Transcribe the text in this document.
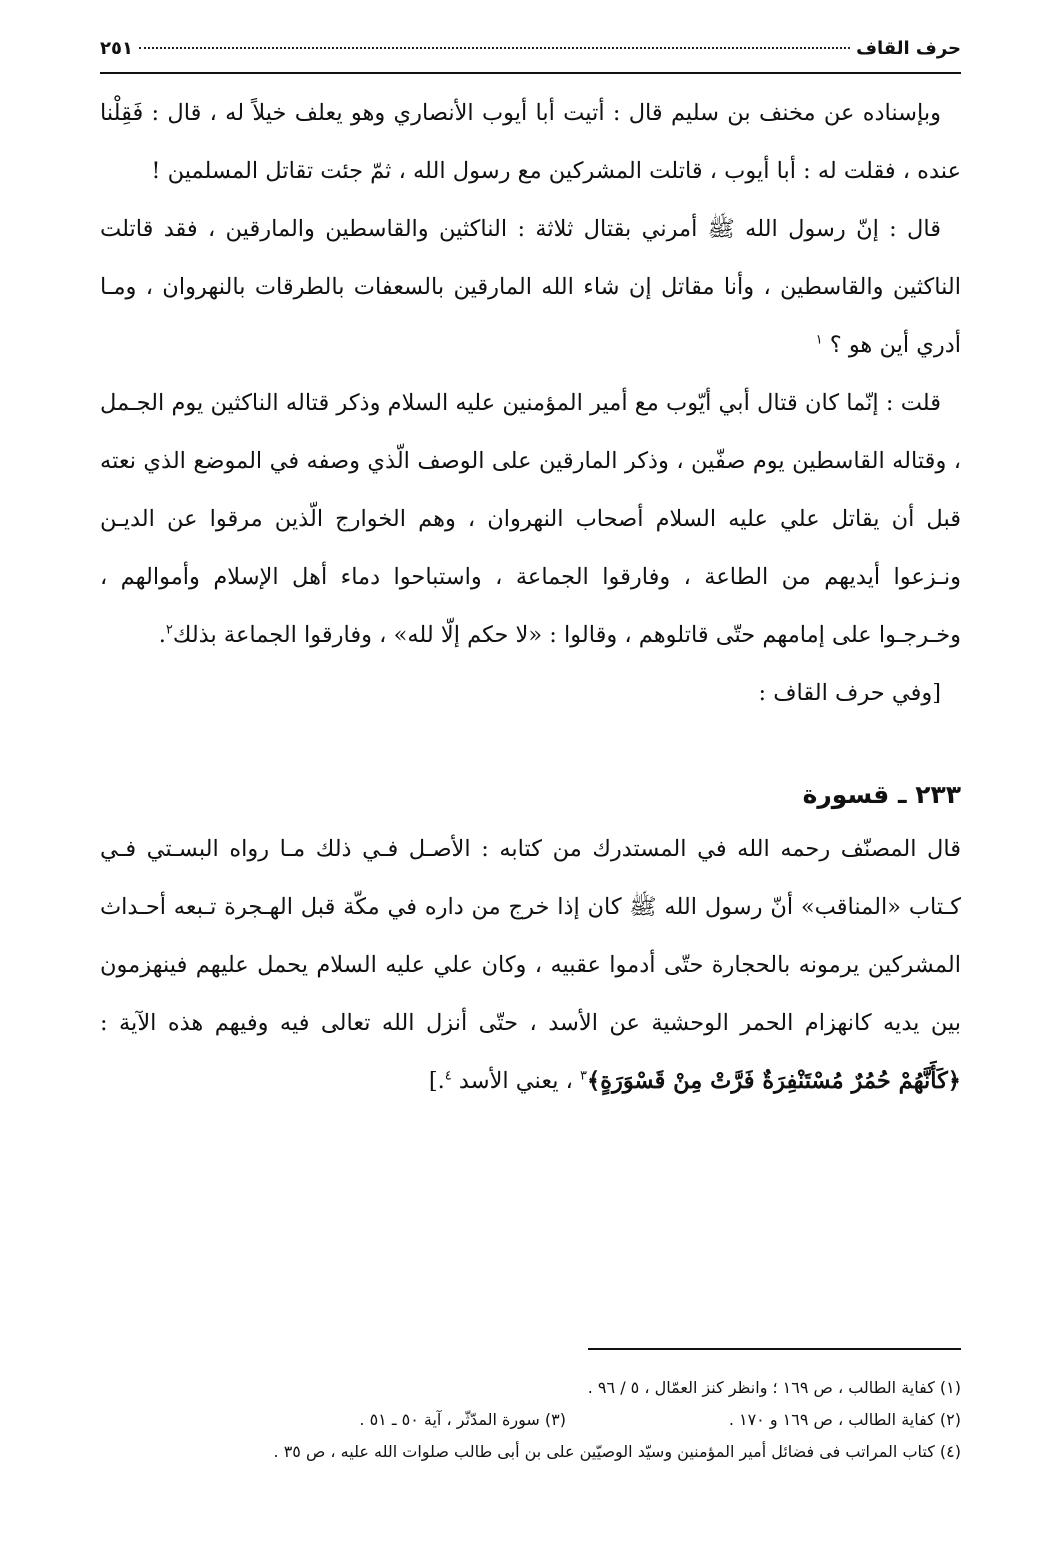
حرف القاف
٢٥١

وبإسناده عن مخنف بن سليم قال : أتيت أبا أيوب الأنصاري وهو يعلف خيلاً له ، قال : فَقِلْنا عنده ، فقلت له : أبا أيوب ، قاتلت المشركين مع رسول الله ، ثمّ جئت تقاتل المسلمين !

قال : إنّ رسول الله ﷺ أمرني بقتال ثلاثة : الناكثين والقاسطين والمارقين ، فقد قاتلت الناكثين والقاسطين ، وأنا مقاتل إن شاء الله المارقين بالسعفات بالطرقات بالنهروان ، ومـا أدري أين هو ؟ $^١$

قلت : إنّما كان قتال أبي أيّوب مع أمير المؤمنين عليه السلام وذكر قتاله الناكثين يوم الجـمل ، وقتاله القاسطين يوم صفّين ، وذكر المارقين على الوصف الّذي وصفه في الموضع الذي نعته قبل أن يقاتل علي عليه السلام أصحاب النهروان ، وهم الخوارج الّذين مرقوا عن الديـن ونـزعوا أيديهم من الطاعة ، وفارقوا الجماعة ، واستباحوا دماء أهل الإسلام وأموالهم ، وخـرجـوا على إمامهم حتّى قاتلوهم ، وقالوا : «لا حكم إلّا لله» ، وفارقوا الجماعة بذلك$^٢$.

[وفي حرف القاف :

٢٣٣ ـ قسورة

قال المصنّف رحمه الله في المستدرك من كتابه : الأصـل فـي ذلك مـا رواه البسـتي فـي كـتاب «المناقب» أنّ رسول الله ﷺ كان إذا خرج من داره في مكّة قبل الهـجرة تـبعه أحـداث المشركين يرمونه بالحجارة حتّى أدموا عقبيه ، وكان علي عليه السلام يحمل عليهم فينهزمون بين يديه كانهزام الحمر الوحشية عن الأسد ، حتّى أنزل الله تعالى فيه وفيهم هذه الآية : ﴿كَأَنَّهُمْ حُمُرٌ مُسْتَنْفِرَةٌ فَرَّتْ مِنْ قَسْوَرَةٍ﴾$^٣$ ، يعني الأسد $^٤$.]

(١) كفاية الطالب ، ص ١٦٩ ؛ وانظر كنز العمّال ، ٥ / ٩٦ .
(٢) كفاية الطالب ، ص ١٦٩ و ١٧٠ .
(٣) سورة المدّثّر ، آية ٥٠ ـ ٥١ .
(٤) كتاب المراتب فى فضائل أمير المؤمنين وسيّد الوصيّين على بن أبى طالب صلوات الله عليه ، ص ٣٥ .
